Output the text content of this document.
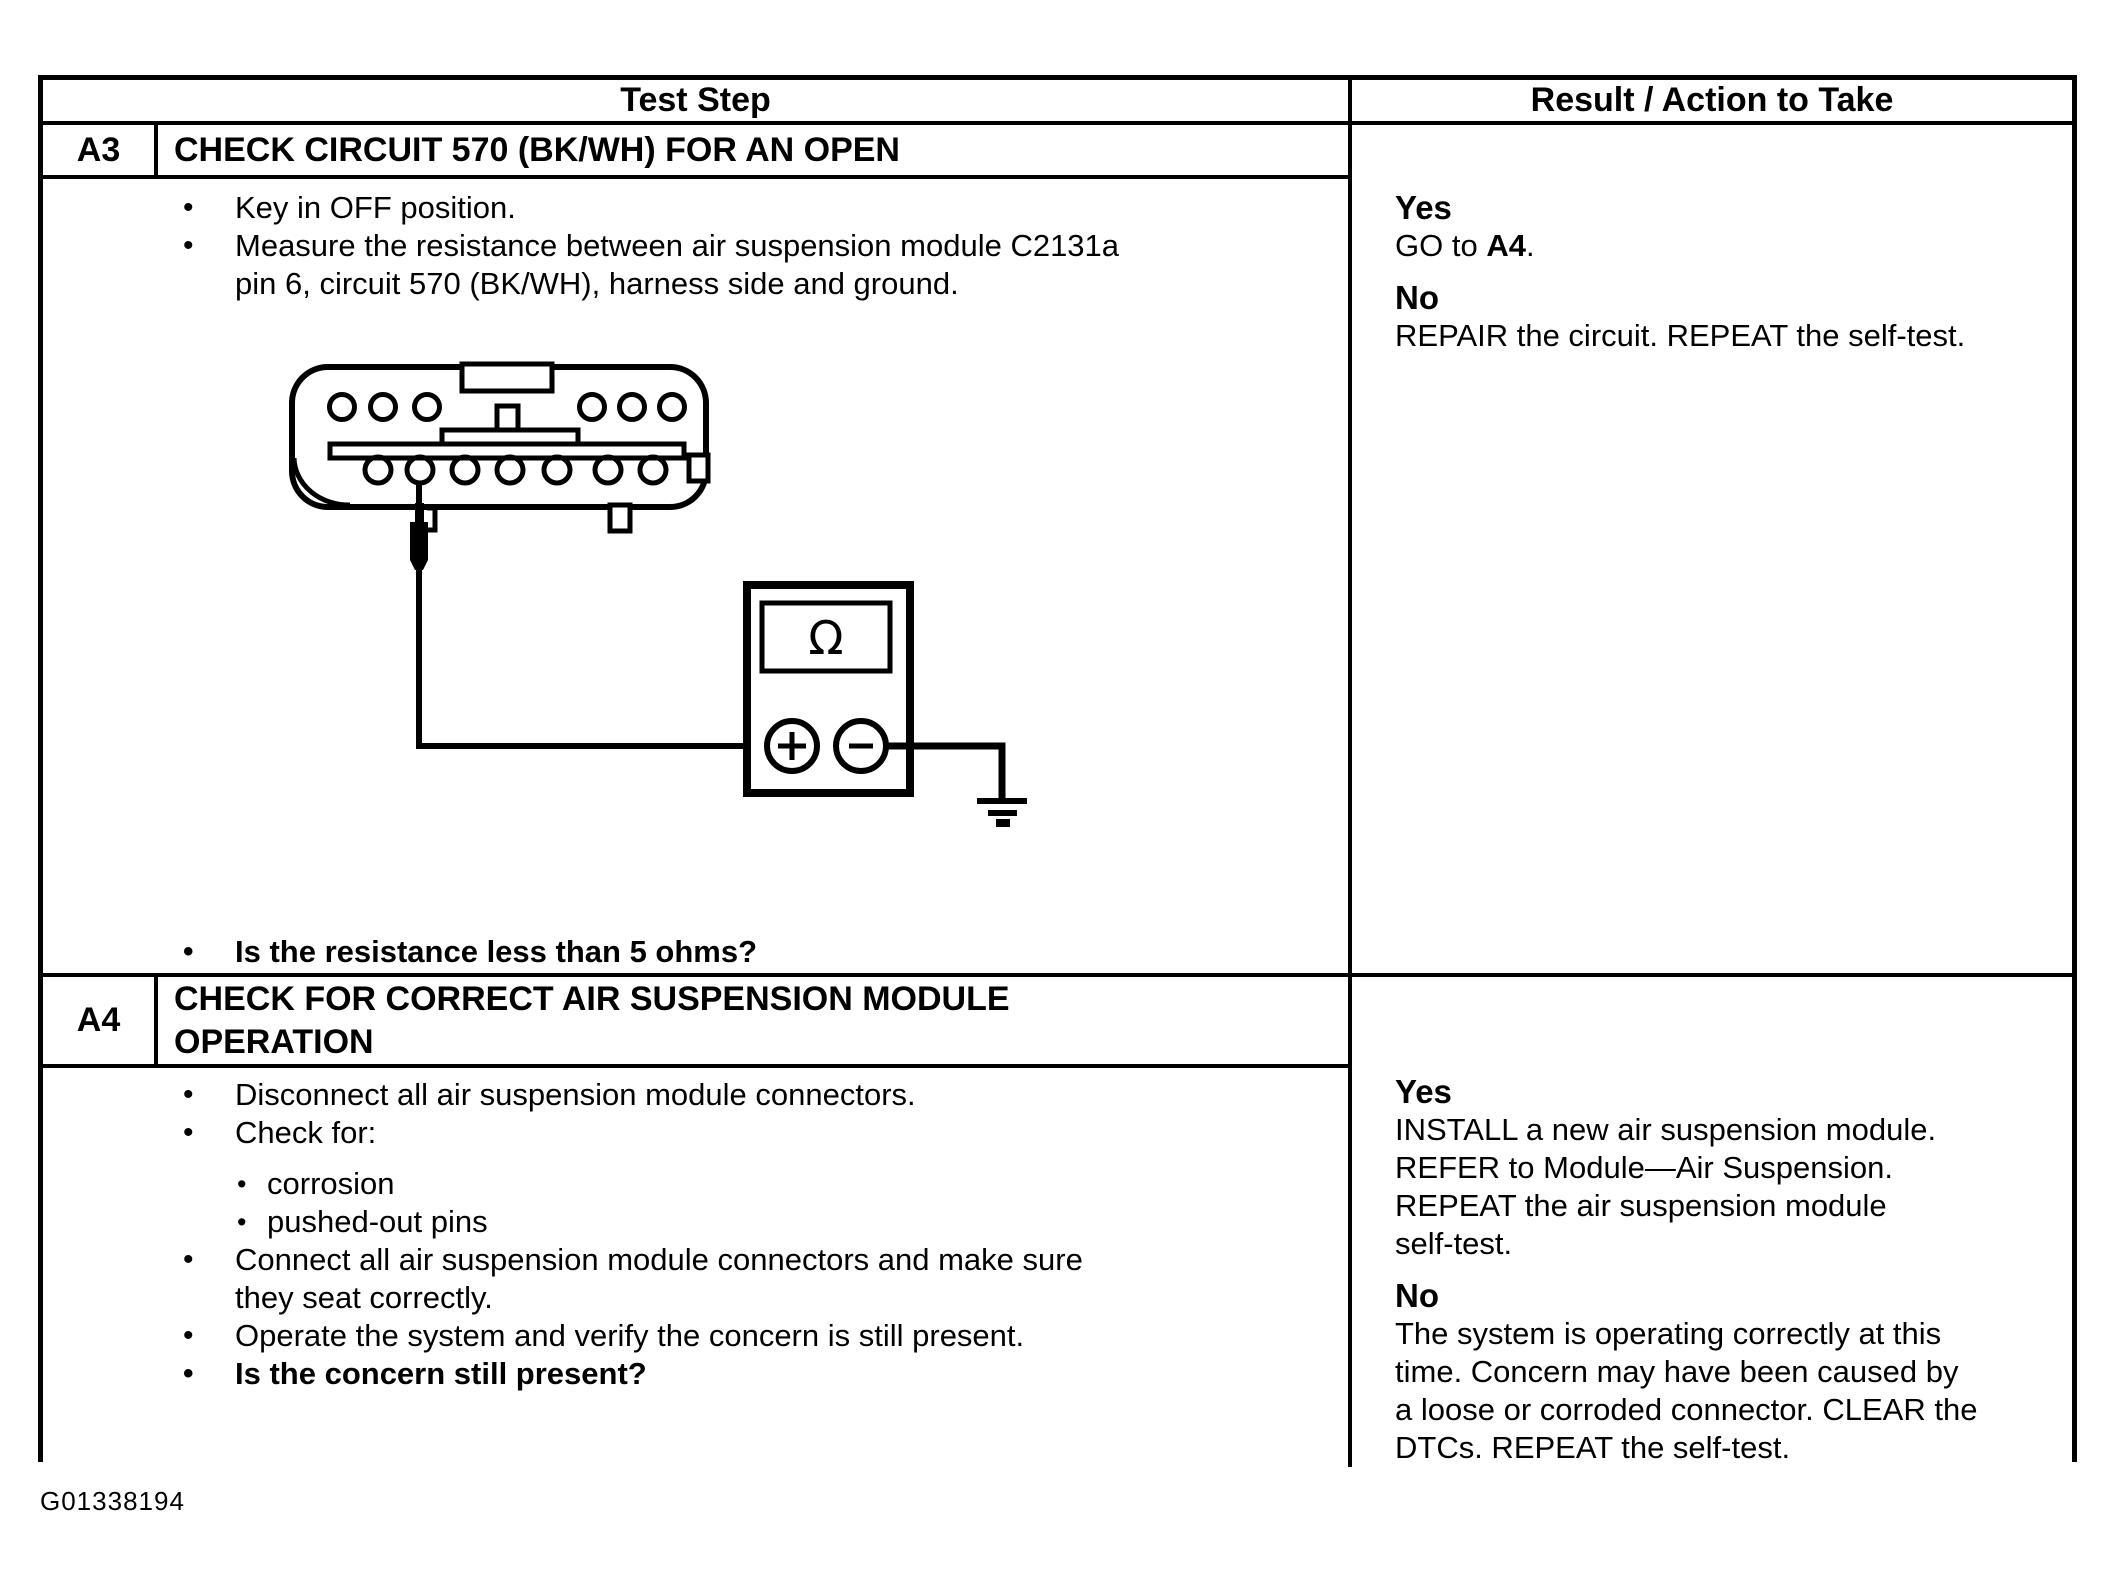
Test Step	Result / Action to Take
A3	CHECK CIRCUIT 570 (BK/WH) FOR AN OPEN
•	Key in OFF position.
•	Measure the resistance between air suspension module C2131a
pin 6, circuit 570 (BK/WH), harness side and ground.
Ω
•	Is the resistance less than 5 ohms?
Yes
GO to A4.
No
REPAIR the circuit. REPEAT the self-test.
A4
CHECK FOR CORRECT AIR SUSPENSION MODULE
OPERATION
•	Disconnect all air suspension module connectors.
•	Check for:
• corrosion
• pushed-out pins
•	Connect all air suspension module connectors and make sure
they seat correctly.
•	Operate the system and verify the concern is still present.
•	Is the concern still present?
Yes
INSTALL a new air suspension module.
REFER to Module—Air Suspension.
REPEAT the air suspension module
self-test.
No
The system is operating correctly at this
time. Concern may have been caused by
a loose or corroded connector. CLEAR the
DTCs. REPEAT the self-test.
G01338194
